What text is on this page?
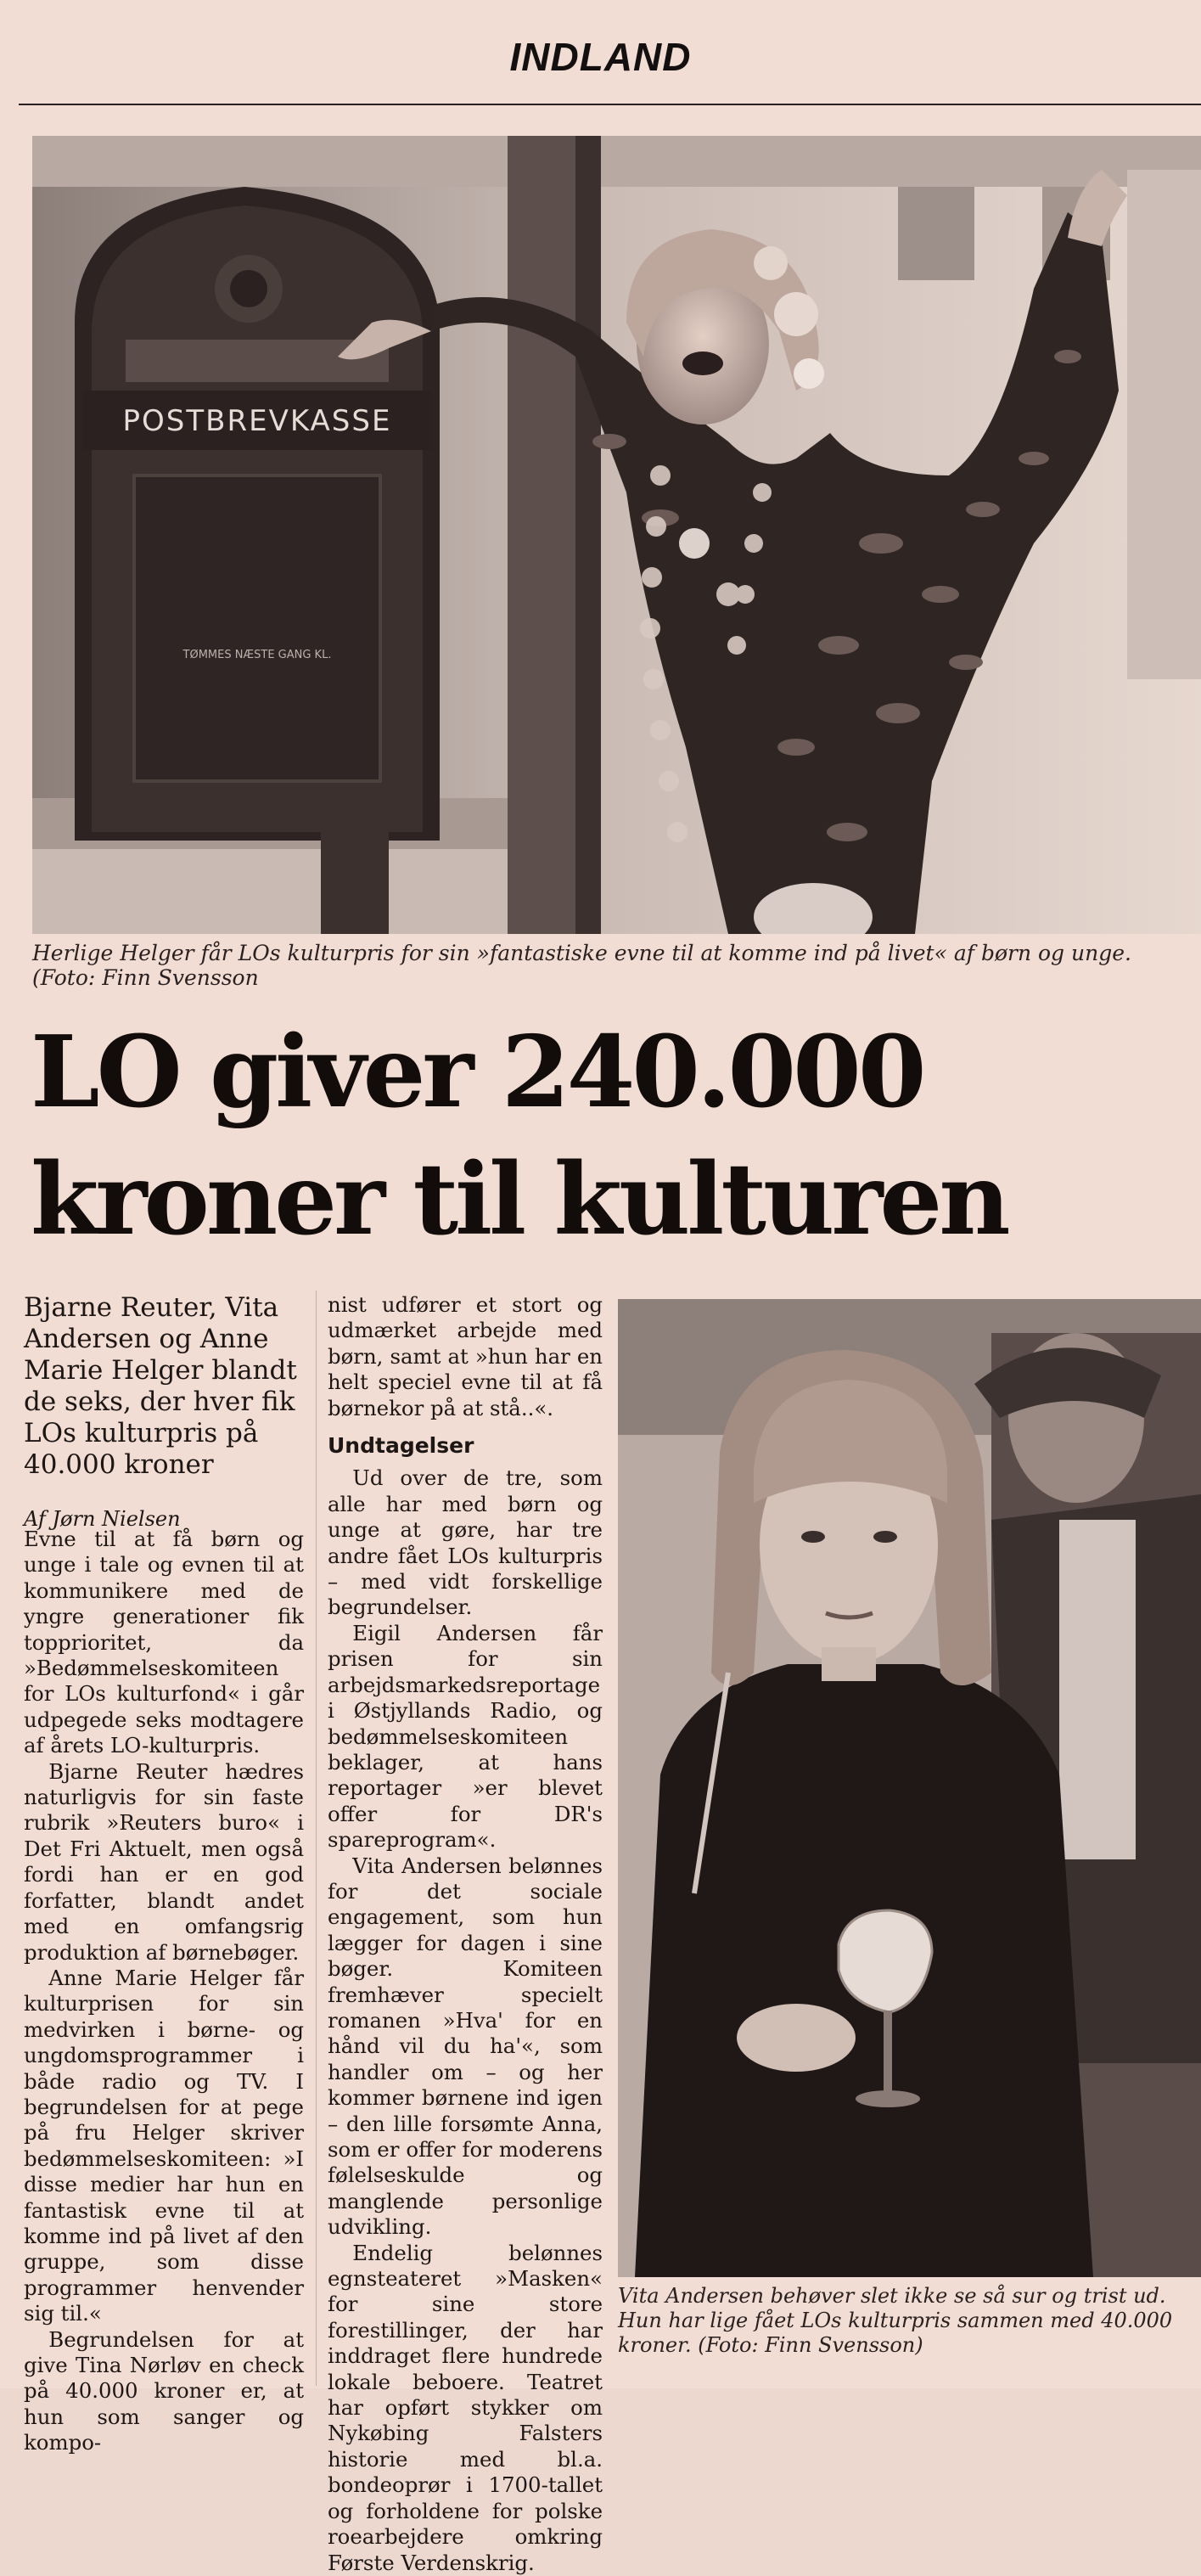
INDLAND
POSTBREVKASSE
TØMMES NÆSTE GANG KL.
Herlige Helger får LOs kulturpris for sin »fantastiske evne til at komme ind på livet« af børn og unge. (Foto: Finn Svensson
LO giver 240.000
kroner til kulturen

Bjarne Reuter, Vita Andersen og Anne Marie Helger blandt de seks, der hver fik LOs kulturpris på 40.000 kroner

Af Jørn Nielsen

Evne til at få børn og unge i tale og evnen til at kommunikere med de yngre generationer fik topprioritet, da »Bedømmelseskomiteen for LOs kulturfond« i går udpegede seks modtagere af årets LO-kulturpris.

Bjarne Reuter hædres naturligvis for sin faste rubrik »Reuters buro« i Det Fri Aktuelt, men også fordi han er en god forfatter, blandt andet med en omfangsrig produktion af børnebøger.

Anne Marie Helger får kulturprisen for sin medvirken i børne- og ungdomsprogrammer i både radio og TV. I begrundelsen for at pege på fru Helger skriver bedømmelseskomiteen: »I disse medier har hun en fantastisk evne til at komme ind på livet af den gruppe, som disse programmer henvender sig til.«

Begrundelsen for at give Tina Nørløv en check på 40.000 kroner er, at hun som sanger og kompo-

nist udfører et stort og udmærket arbejde med børn, samt at »hun har en helt speciel evne til at få børnekor på at stå..«.

Undtagelser

Ud over de tre, som alle har med børn og unge at gøre, har tre andre fået LOs kulturpris – med vidt forskellige begrundelser.

Eigil Andersen får prisen for sin arbejdsmarkedsreportage i Østjyllands Radio, og bedømmelseskomiteen beklager, at hans reportager »er blevet offer for DR's spareprogram«.

Vita Andersen belønnes for det sociale engagement, som hun lægger for dagen i sine bøger. Komiteen fremhæver specielt romanen »Hva' for en hånd vil du ha'«, som handler om – og her kommer børnene ind igen – den lille forsømte Anna, som er offer for moderens følelseskulde og manglende personlige udvikling.

Endelig belønnes egnsteateret »Masken« for sine store forestillinger, der har inddraget flere hundrede lokale beboere. Teatret har opført stykker om Nykøbing Falsters historie med bl.a. bondeoprør i 1700-tallet og forholdene for polske roearbejdere omkring Første Verdenskrig.

Vita Andersen behøver slet ikke se så sur og trist ud. Hun har lige fået LOs kulturpris sammen med 40.000 kroner. (Foto: Finn Svensson)
